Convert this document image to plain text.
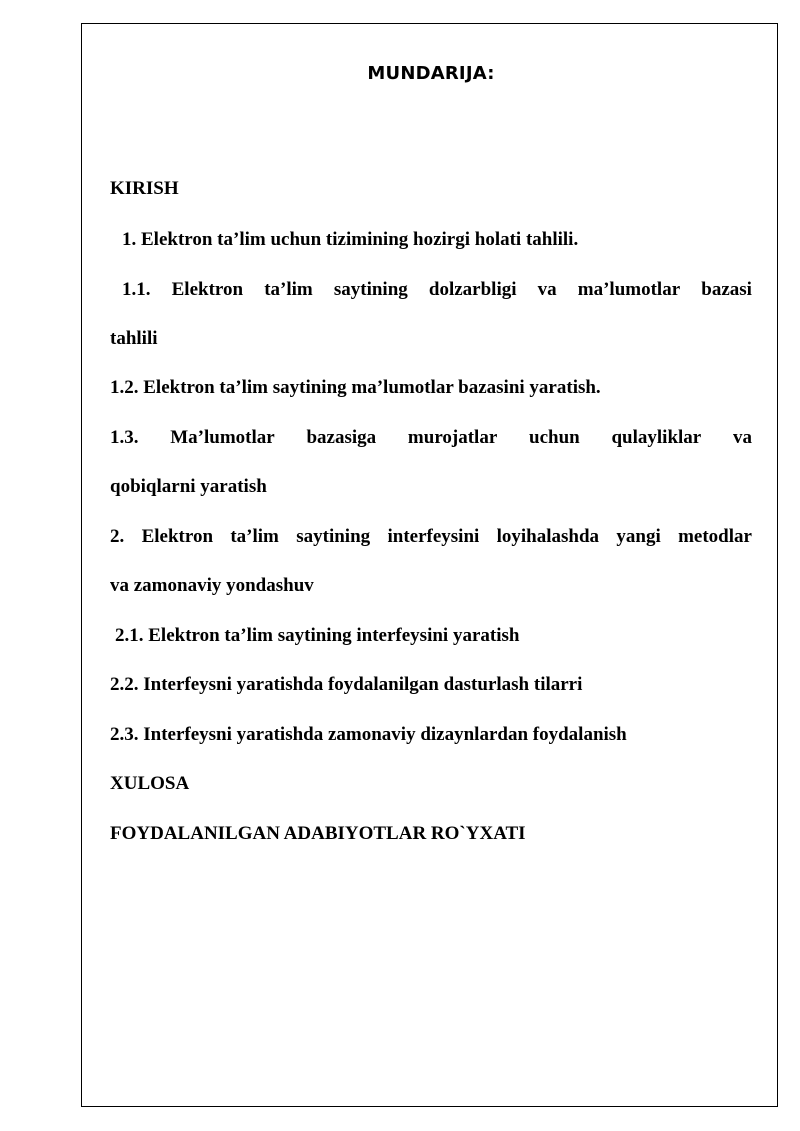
MUNDARIJA:
KIRISH
1. Elektron ta’lim uchun tizimining hozirgi holati tahlili.
1.1. Elektron ta’lim saytining dolzarbligi va ma’lumotlar bazasi
tahlili
1.2. Elektron ta’lim saytining ma’lumotlar bazasini yaratish.
1.3. Ma’lumotlar bazasiga murojatlar uchun qulayliklar va
qobiqlarni yaratish
2. Elektron ta’lim saytining interfeysini loyihalashda yangi metodlar
va zamonaviy yondashuv
2.1. Elektron ta’lim saytining interfeysini yaratish
2.2. Interfeysni yaratishda foydalanilgan dasturlash tilarri
2.3. Interfeysni yaratishda zamonaviy dizaynlardan foydalanish
XULOSA
FOYDALANILGAN ADABIYOTLAR RO`YXATI
